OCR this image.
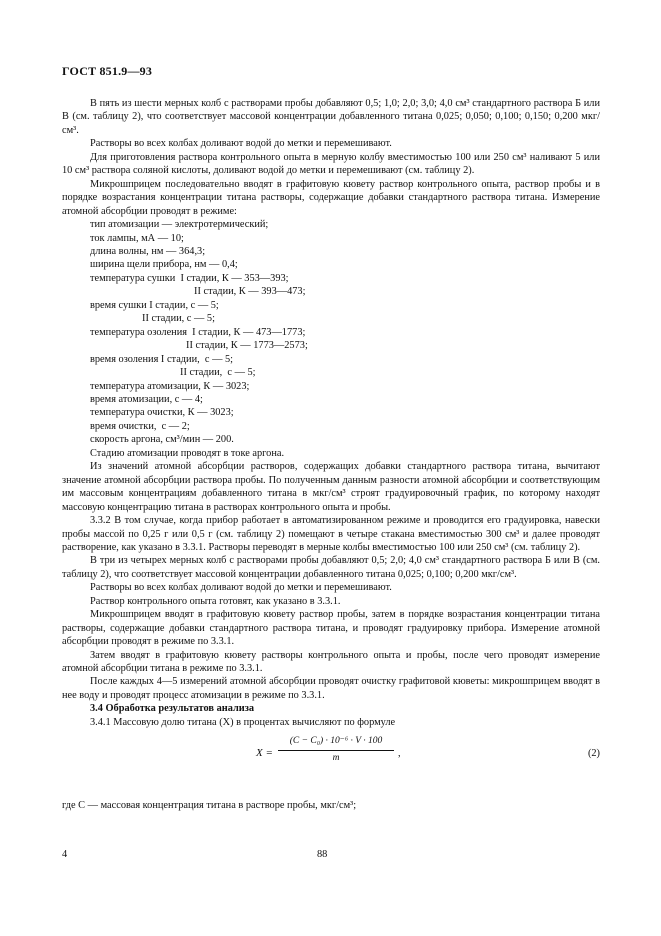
ГОСТ 851.9—93

В пять из шести мерных колб с растворами пробы добавляют 0,5; 1,0; 2,0; 3,0; 4,0 см³ стандартного раствора Б или В (см. таблицу 2), что соответствует массовой концентрации добавленного титана 0,025; 0,050; 0,100; 0,150; 0,200 мкг/см³.

Растворы во всех колбах доливают водой до метки и перемешивают.

Для приготовления раствора контрольного опыта в мерную колбу вместимостью 100 или 250 см³ наливают 5 или 10 см³ раствора соляной кислоты, доливают водой до метки и перемешивают (см. таблицу 2).

Микрошприцем последовательно вводят в графитовую кювету раствор контрольного опыта, раствор пробы и в порядке возрастания концентрации титана растворы, содержащие добавки стандартного раствора титана. Измерение атомной абсорбции проводят в режиме:

тип атомизации — электротермический;
ток лампы, мА — 10;
длина волны, нм — 364,3;
ширина щели прибора, нм — 0,4;
температура сушки  I стадии, К — 353—393;
II стадии, К — 393—473;
время сушки I стадии, с — 5;
II стадии, с — 5;
температура озоления  I стадии, К — 473—1773;
II стадии, К — 1773—2573;
время озоления I стадии,  с — 5;
II стадии,  с — 5;
температура атомизации, К — 3023;
время атомизации, с — 4;
температура очистки, К — 3023;
время очистки,  с — 2;
скорость аргона, см³/мин — 200.

Стадию атомизации проводят в токе аргона.

Из значений атомной абсорбции растворов, содержащих добавки стандартного раствора титана, вычитают значение атомной абсорбции раствора пробы. По полученным данным разности атомной абсорбции и соответствующим им массовым концентрациям добавленного титана в мкг/см³ строят градуировочный график, по которому находят массовую концентрацию титана в растворах контрольного опыта и пробы.

3.3.2 В том случае, когда прибор работает в автоматизированном режиме и проводится его градуировка, навески пробы массой по 0,25 г или 0,5 г (см. таблицу 2) помещают в четыре стакана вместимостью 300 см³ и далее проводят растворение, как указано в 3.3.1. Растворы переводят в мерные колбы вместимостью 100 или 250 см³ (см. таблицу 2).

В три из четырех мерных колб с растворами пробы добавляют 0,5; 2,0; 4,0 см³ стандартного раствора Б или В (см. таблицу 2), что соответствует массовой концентрации добавленного титана 0,025; 0,100; 0,200 мкг/см³.

Растворы во всех колбах доливают водой до метки и перемешивают.

Раствор контрольного опыта готовят, как указано в 3.3.1.

Микрошприцем вводят в графитовую кювету раствор пробы, затем в порядке возрастания концентрации титана растворы, содержащие добавки стандартного раствора титана, и проводят градуировку прибора. Измерение атомной абсорбции проводят в режиме по 3.3.1.

Затем вводят в графитовую кювету растворы контрольного опыта и пробы, после чего проводят измерение атомной абсорбции титана в режиме по 3.3.1.

После каждых 4—5 измерений атомной абсорбции проводят очистку графитовой кюветы: микрошприцем вводят в нее воду и проводят процесс атомизации в режиме по 3.3.1.

3.4 Обработка результатов анализа

3.4.1 Массовую долю титана (X) в процентах вычисляют по формуле

$X = \frac{\text{(C − C₀) · 10⁻⁶ · V · 100}}{m}$ ,	(2)

где C — массовая концентрация титана в растворе пробы, мкг/см³;

4	88
